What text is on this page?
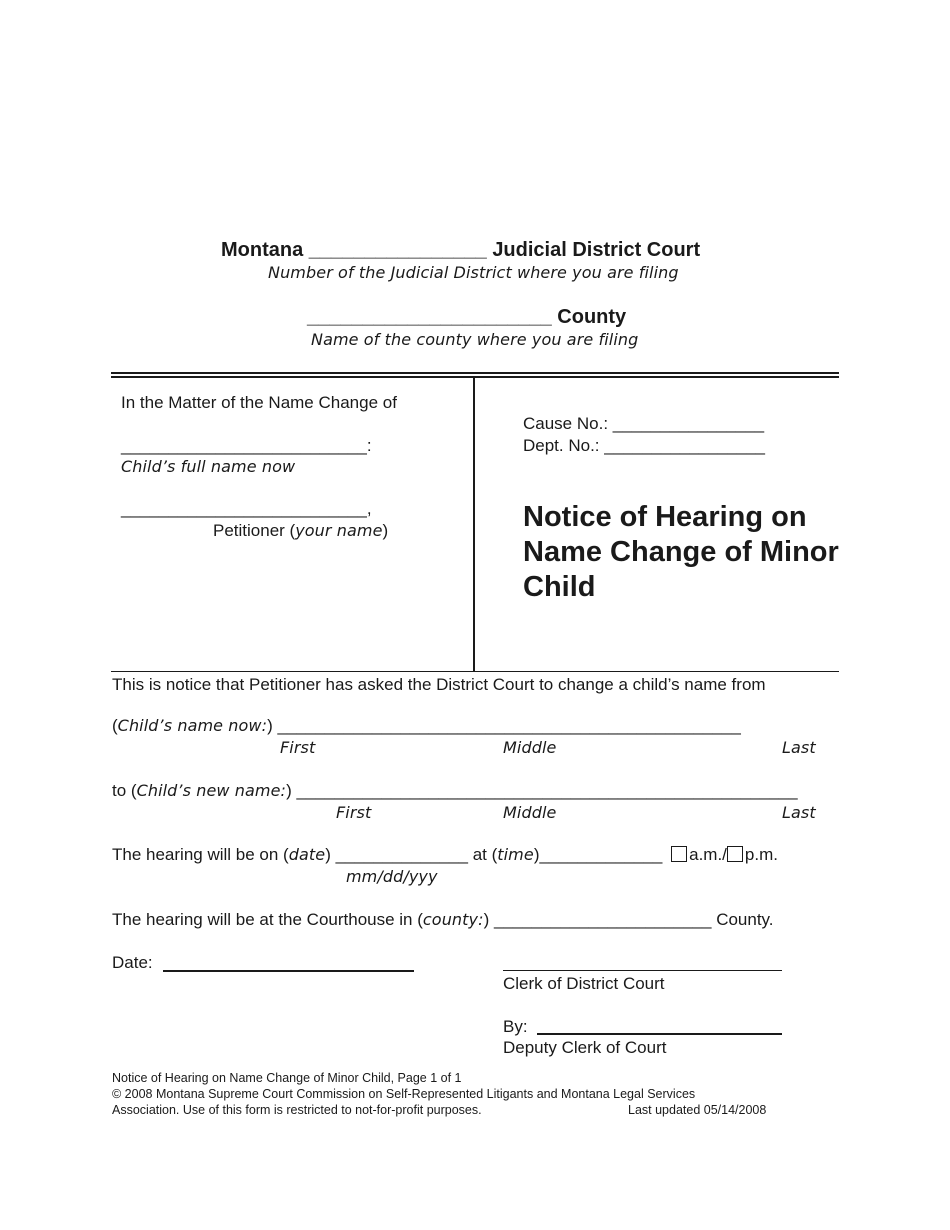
Montana ________________ Judicial District Court
Number of the Judicial District where you are filing
______________________ County
Name of the county where you are filing
In the Matter of the Name Change of
__________________________:
Child’s full name now
__________________________,
Petitioner (your name)
Cause No.: ________________
Dept. No.: _________________
Notice of Hearing on Name Change of Minor Child
This is notice that Petitioner has asked the District Court to change a child’s name from
(Child’s name now:) _________________________________________________
First	Middle	Last
to (Child’s new name:) _____________________________________________________
First	Middle	Last
The hearing will be on (date) ______________ at (time)_____________ a.m./ p.m.
mm/dd/yyy
The hearing will be at the Courthouse in (county:) _______________________ County.
Date:
Clerk of District Court
By:
Deputy Clerk of Court
Notice of Hearing on Name Change of Minor Child, Page 1 of 1
© 2008 Montana Supreme Court Commission on Self-Represented Litigants and Montana Legal Services
Association. Use of this form is restricted to not-for-profit purposes.	Last updated 05/14/2008
